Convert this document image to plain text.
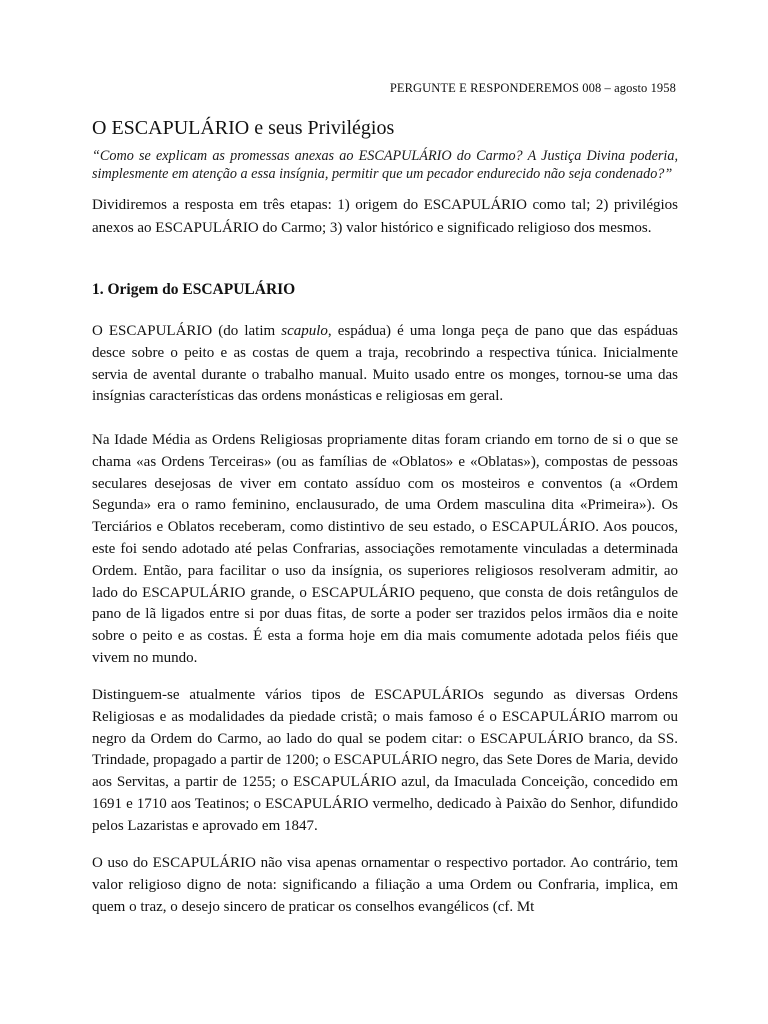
PERGUNTE E RESPONDEREMOS 008 – agosto 1958
O ESCAPULÁRIO e seus Privilégios

“Como se explicam as promessas anexas ao ESCAPULÁRIO do Carmo? A Justiça Divina poderia, simplesmente em atenção a essa insígnia, permitir que um pecador endurecido não seja condenado?”

Dividiremos a resposta em três etapas: 1) origem do ESCAPULÁRIO como tal; 2) privilégios anexos ao ESCAPULÁRIO do Carmo; 3) valor histórico e significado religioso dos mesmos.

1. Origem do ESCAPULÁRIO

O ESCAPULÁRIO (do latim scapulo, espádua) é uma longa peça de pano que das espáduas desce sobre o peito e as costas de quem a traja, recobrindo a respectiva túnica. Inicialmente servia de avental durante o trabalho manual. Muito usado entre os monges, tornou-se uma das insígnias características das ordens monásticas e religiosas em geral.

Na Idade Média as Ordens Religiosas propriamente ditas foram criando em torno de si o que se chama «as Ordens Terceiras» (ou as famílias de «Oblatos» e «Oblatas»), compostas de pessoas seculares desejosas de viver em contato assíduo com os mosteiros e conventos (a «Ordem Segunda» era o ramo feminino, enclausurado, de uma Ordem masculina dita «Primeira»). Os Terciários e Oblatos receberam, como distintivo de seu estado, o ESCAPULÁRIO. Aos poucos, este foi sendo adotado até pelas Confrarias, associações remotamente vinculadas a determinada Ordem. Então, para facilitar o uso da insígnia, os superiores religiosos resolveram admitir, ao lado do ESCAPULÁRIO grande, o ESCAPULÁRIO pequeno, que consta de dois retângulos de pano de lã ligados entre si por duas fitas, de sorte a poder ser trazidos pelos irmãos dia e noite sobre o peito e as costas. É esta a forma hoje em dia mais comumente adotada pelos fiéis que vivem no mundo.

Distinguem-se atualmente vários tipos de ESCAPULÁRIOs segundo as diversas Ordens Religiosas e as modalidades da piedade cristã; o mais famoso é o ESCAPULÁRIO marrom ou negro da Ordem do Carmo, ao lado do qual se podem citar: o ESCAPULÁRIO branco, da SS. Trindade, propagado a partir de 1200; o ESCAPULÁRIO negro, das Sete Dores de Maria, devido aos Servitas, a partir de 1255; o ESCAPULÁRIO azul, da Imaculada Conceição, concedido em 1691 e 1710 aos Teatinos; o ESCAPULÁRIO vermelho, dedicado à Paixão do Senhor, difundido pelos Lazaristas e aprovado em 1847.

O uso do ESCAPULÁRIO não visa apenas ornamentar o respectivo portador. Ao contrário, tem valor religioso digno de nota: significando a filiação a uma Ordem ou Confraria, implica, em quem o traz, o desejo sincero de praticar os conselhos evangélicos (cf. Mt
